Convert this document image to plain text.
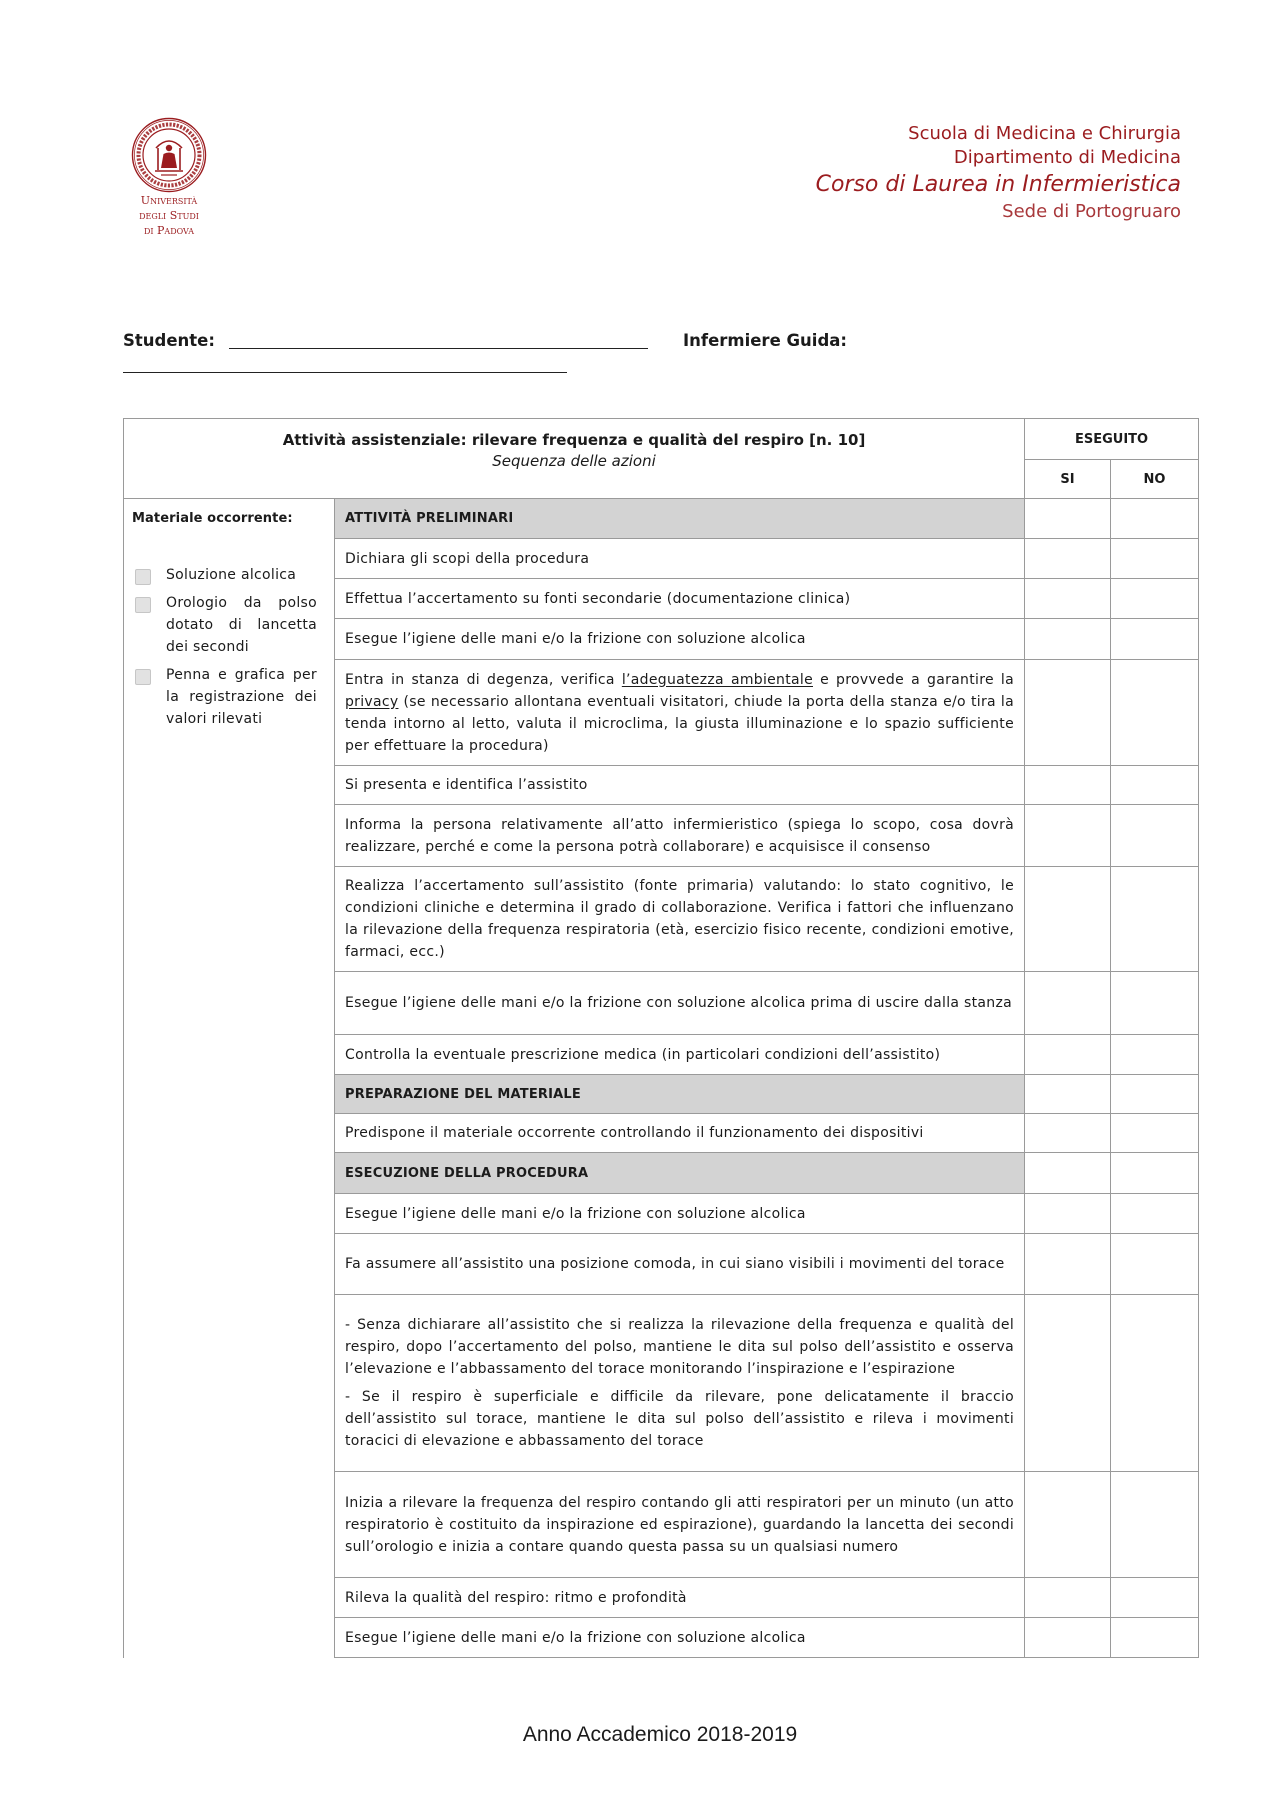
Università
degli Studi
di Padova
Scuola di Medicina e Chirurgia
Dipartimento di Medicina
Corso di Laurea in Infermieristica
Sede di Portogruaro
Studente:	Infermiere Guida:
Attività assistenziale: rilevare frequenza e qualità del respiro [n. 10]
Sequenza delle azioni		ESEGUITO	
		SI	NO

Materiale occorrente:
Soluzione alcolica
Orologio da polso dotato di lancetta dei secondi
Penna e grafica per la registrazione dei valori rilevati	ATTIVITÀ PRELIMINARI		
	Dichiara gli scopi della procedura		
	Effettua l’accertamento su fonti secondarie (documentazione clinica)		
	Esegue l’igiene delle mani e/o la frizione con soluzione alcolica		
	Entra in stanza di degenza, verifica l’adeguatezza ambientale e provvede a garantire la privacy (se necessario allontana eventuali visitatori, chiude la porta della stanza e/o tira la tenda intorno al letto, valuta il microclima, la giusta illuminazione e lo spazio sufficiente per effettuare la procedura)		
	Si presenta e identifica l’assistito		
	Informa la persona relativamente all’atto infermieristico (spiega lo scopo, cosa dovrà realizzare, perché e come la persona potrà collaborare) e acquisisce il consenso		
	Realizza l’accertamento sull’assistito (fonte primaria) valutando: lo stato cognitivo, le condizioni cliniche e determina il grado di collaborazione. Verifica i fattori che influenzano la rilevazione della frequenza respiratoria (età, esercizio fisico recente, condizioni emotive, farmaci, ecc.)		
	Esegue l’igiene delle mani e/o la frizione con soluzione alcolica prima di uscire dalla stanza		
	Controlla la eventuale prescrizione medica (in particolari condizioni dell’assistito)		
	PREPARAZIONE DEL MATERIALE		
	Predispone il materiale occorrente controllando il funzionamento dei dispositivi		
	ESECUZIONE DELLA PROCEDURA		
	Esegue l’igiene delle mani e/o la frizione con soluzione alcolica		
	Fa assumere all’assistito una posizione comoda, in cui siano visibili i movimenti del torace		

	- Senza dichiarare all’assistito che si realizza la rilevazione della frequenza e qualità del respiro, dopo l’accertamento del polso, mantiene le dita sul polso dell’assistito e osserva l’elevazione e l’abbassamento del torace monitorando l’inspirazione e l’espirazione

- Se il respiro è superficiale e difficile da rilevare, pone delicatamente il braccio dell’assistito sul torace, mantiene le dita sul polso dell’assistito e rileva i movimenti toracici di elevazione e abbassamento del torace		

	Inizia a rilevare la frequenza del respiro contando gli atti respiratori per un minuto (un atto respiratorio è costituito da inspirazione ed espirazione), guardando la lancetta dei secondi sull’orologio e inizia a contare quando questa passa su un qualsiasi numero		
	Rileva la qualità del respiro: ritmo e profondità		
	Esegue l’igiene delle mani e/o la frizione con soluzione alcolica		
Anno Accademico 2018-2019
